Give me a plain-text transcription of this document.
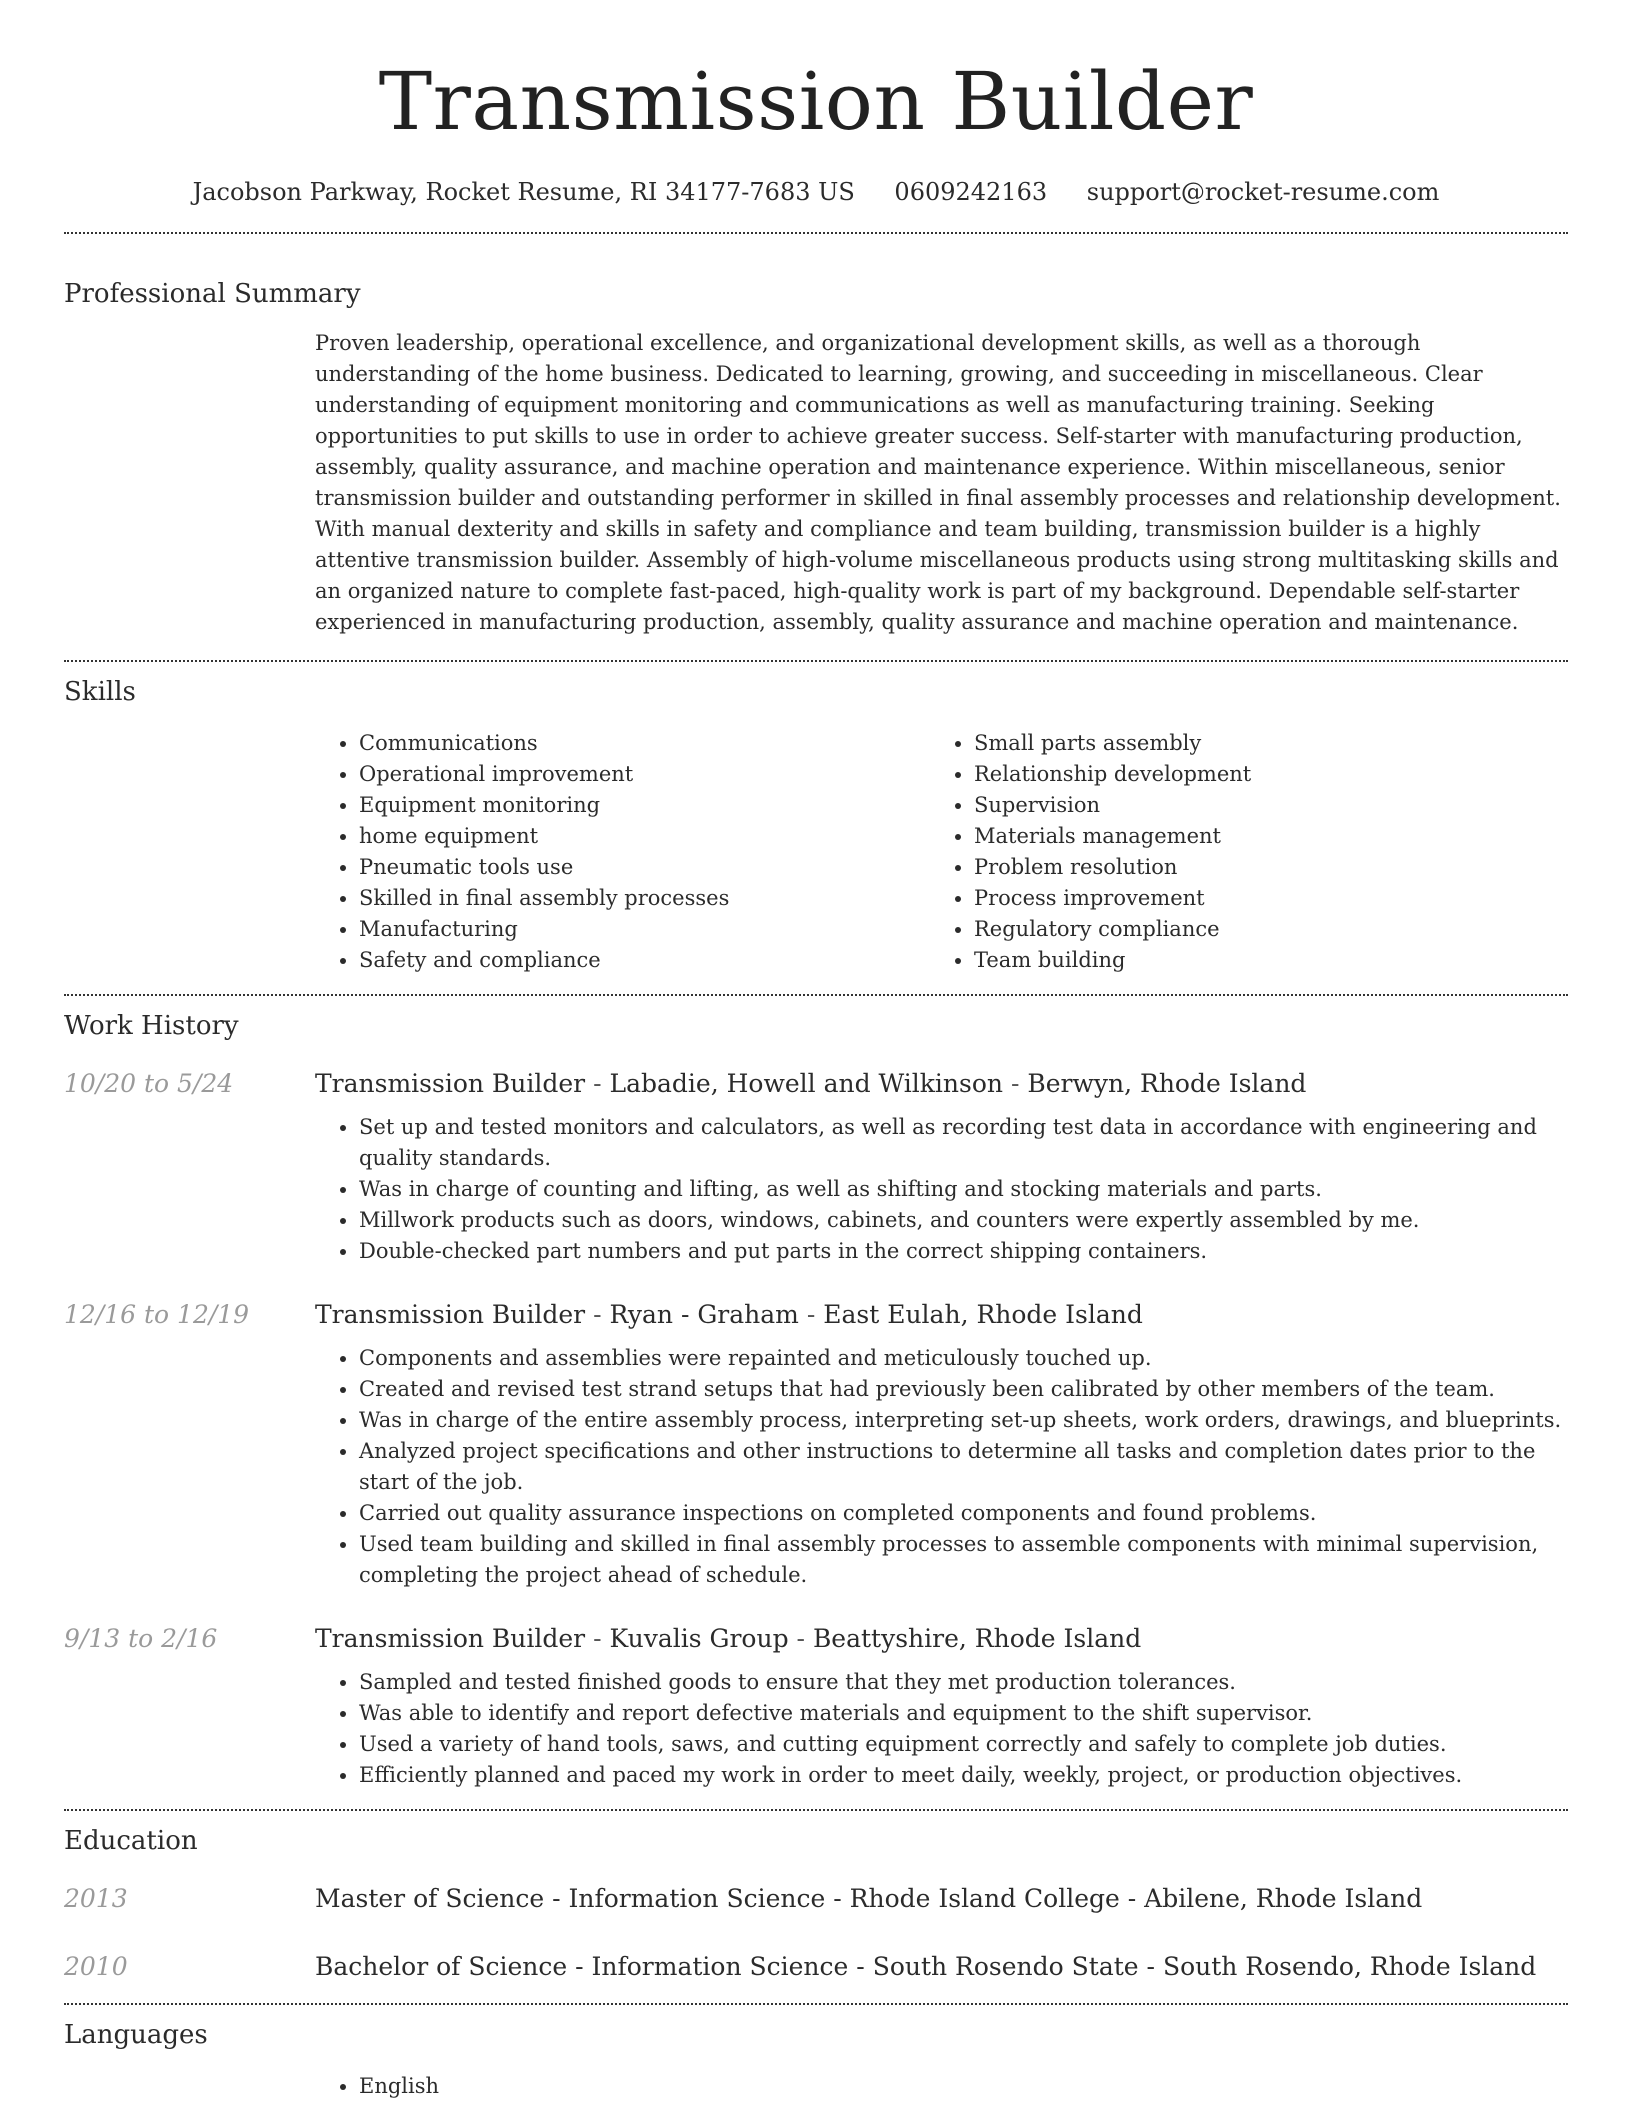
Transmission Builder
Jacobson Parkway, Rocket Resume, RI 34177-7683 US 0609242163 support@rocket-resume.com
Professional Summary

Proven leadership, operational excellence, and organizational development skills, as well as a thorough understanding of the home business. Dedicated to learning, growing, and succeeding in miscellaneous. Clear understanding of equipment monitoring and communications as well as manufacturing training. Seeking opportunities to put skills to use in order to achieve greater success. Self-starter with manufacturing production, assembly, quality assurance, and machine operation and maintenance experience. Within miscellaneous, senior transmission builder and outstanding performer in skilled in final assembly processes and relationship development. With manual dexterity and skills in safety and compliance and team building, transmission builder is a highly attentive transmission builder. Assembly of high-volume miscellaneous products using strong multitasking skills and an organized nature to complete fast-paced, high-quality work is part of my background. Dependable self-starter experienced in manufacturing production, assembly, quality assurance and machine operation and maintenance.

Skills
• Communications
• Operational improvement
• Equipment monitoring
• home equipment
• Pneumatic tools use
• Skilled in final assembly processes
• Manufacturing
• Safety and compliance
• Small parts assembly
• Relationship development
• Supervision
• Materials management
• Problem resolution
• Process improvement
• Regulatory compliance
• Team building
Work History
10/20 to 5/24	Transmission Builder - Labadie, Howell and Wilkinson - Berwyn, Rhode Island
• Set up and tested monitors and calculators, as well as recording test data in accordance with engineering and quality standards.
• Was in charge of counting and lifting, as well as shifting and stocking materials and parts.
• Millwork products such as doors, windows, cabinets, and counters were expertly assembled by me.
• Double-checked part numbers and put parts in the correct shipping containers.
12/16 to 12/19	Transmission Builder - Ryan - Graham - East Eulah, Rhode Island
• Components and assemblies were repainted and meticulously touched up.
• Created and revised test strand setups that had previously been calibrated by other members of the team.
• Was in charge of the entire assembly process, interpreting set-up sheets, work orders, drawings, and blueprints.
• Analyzed project specifications and other instructions to determine all tasks and completion dates prior to the start of the job.
• Carried out quality assurance inspections on completed components and found problems.
• Used team building and skilled in final assembly processes to assemble components with minimal supervision, completing the project ahead of schedule.
9/13 to 2/16	Transmission Builder - Kuvalis Group - Beattyshire, Rhode Island
• Sampled and tested finished goods to ensure that they met production tolerances.
• Was able to identify and report defective materials and equipment to the shift supervisor.
• Used a variety of hand tools, saws, and cutting equipment correctly and safely to complete job duties.
• Efficiently planned and paced my work in order to meet daily, weekly, project, or production objectives.
Education
2013	Master of Science - Information Science - Rhode Island College - Abilene, Rhode Island
2010	Bachelor of Science - Information Science - South Rosendo State - South Rosendo, Rhode Island
Languages
• English
